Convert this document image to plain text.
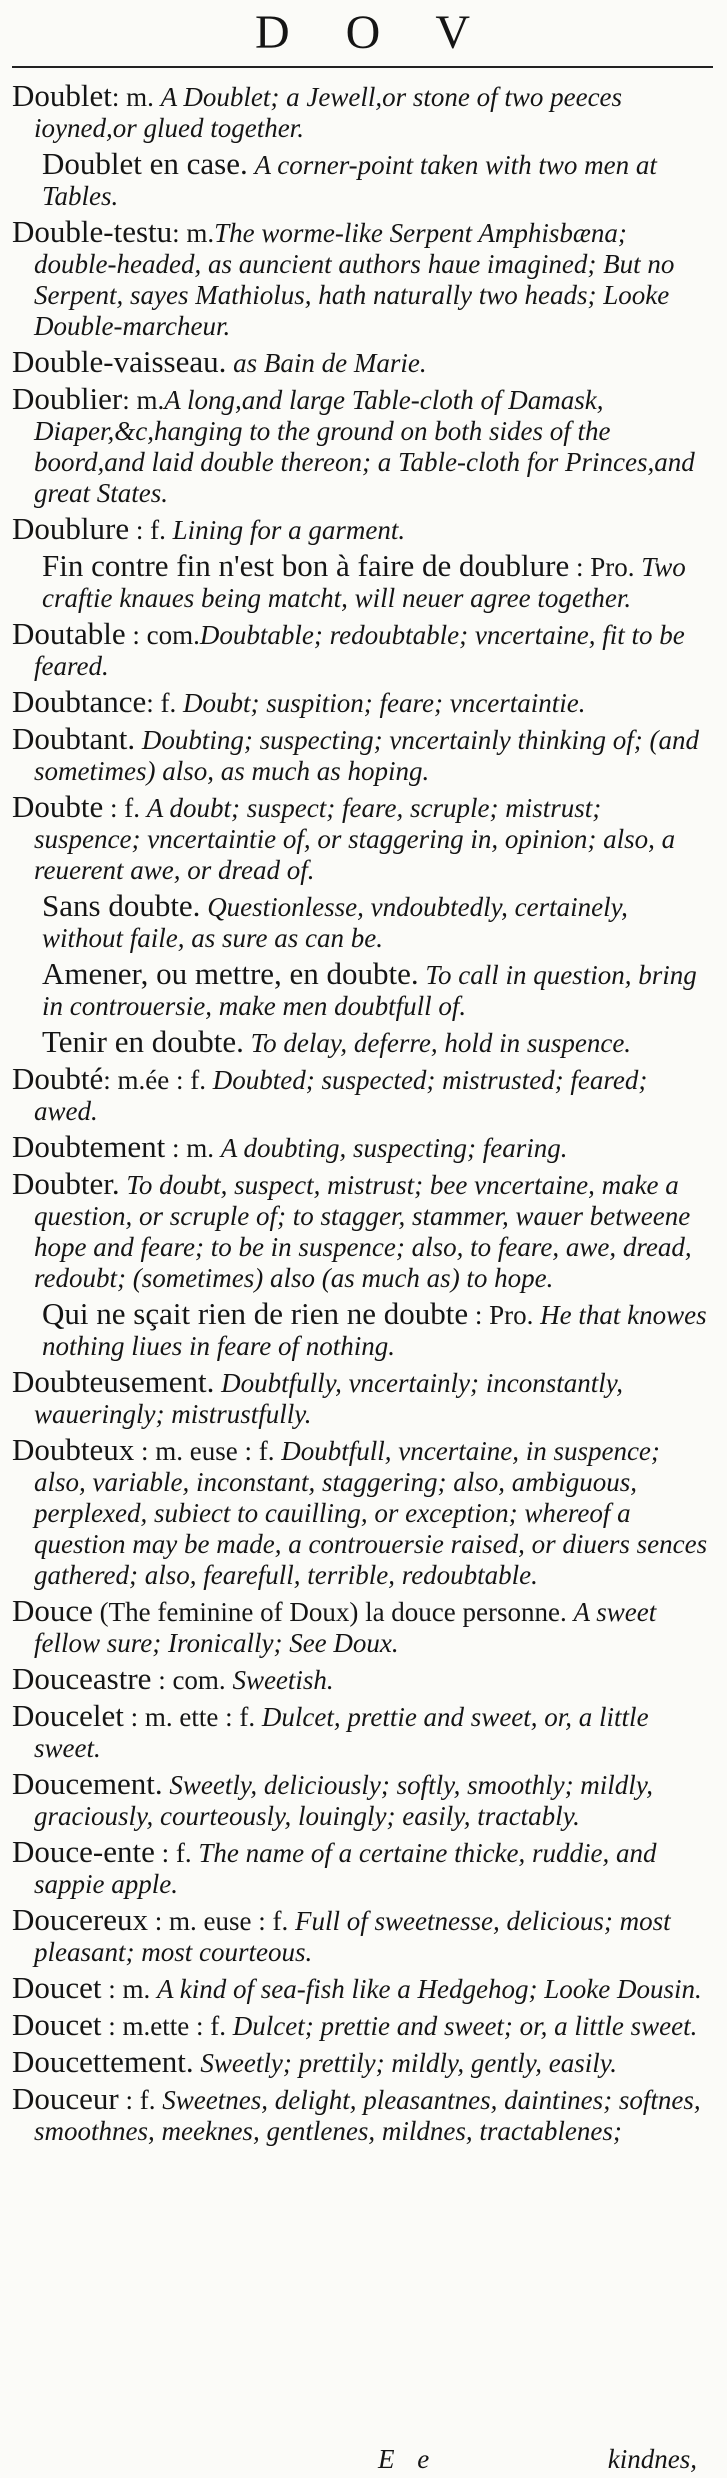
D O V

Doublet: m. A Doublet; a Jewell,or stone of two peeces ioyned,or glued together.

Doublet en case. A corner-point taken with two men at Tables.

Double-testu: m.The worme-like Serpent Amphisbæna; double-headed, as auncient authors haue imagined; But no Serpent, sayes Mathiolus, hath naturally two heads; Looke Double-marcheur.

Double-vaisseau. as Bain de Marie.

Doublier: m.A long,and large Table-cloth of Damask, Diaper,&c,hanging to the ground on both sides of the boord,and laid double thereon; a Table-cloth for Princes,and great States.

Doublure : f. Lining for a garment.

Fin contre fin n'est bon à faire de doublure : Pro. Two craftie knaues being matcht, will neuer agree together.

Doutable : com.Doubtable; redoubtable; vncertaine, fit to be feared.

Doubtance: f. Doubt; suspition; feare; vncertaintie.

Doubtant. Doubting; suspecting; vncertainly thinking of; (and sometimes) also, as much as hoping.

Doubte : f. A doubt; suspect; feare, scruple; mistrust; suspence; vncertaintie of, or staggering in, opinion; also, a reuerent awe, or dread of.

Sans doubte. Questionlesse, vndoubtedly, certainely, without faile, as sure as can be.

Amener, ou mettre, en doubte. To call in question, bring in controuersie, make men doubtfull of.

Tenir en doubte. To delay, deferre, hold in suspence.

Doubté: m.ée : f. Doubted; suspected; mistrusted; feared; awed.

Doubtement : m. A doubting, suspecting; fearing.

Doubter. To doubt, suspect, mistrust; bee vncertaine, make a question, or scruple of; to stagger, stammer, wauer betweene hope and feare; to be in suspence; also, to feare, awe, dread, redoubt; (sometimes) also (as much as) to hope.

Qui ne sçait rien de rien ne doubte : Pro. He that knowes nothing liues in feare of nothing.

Doubteusement. Doubtfully, vncertainly; inconstantly, waueringly; mistrustfully.

Doubteux : m. euse : f. Doubtfull, vncertaine, in suspence; also, variable, inconstant, staggering; also, ambiguous, perplexed, subiect to cauilling, or exception; whereof a question may be made, a controuersie raised, or diuers sences gathered; also, fearefull, terrible, redoubtable.

Douce (The feminine of Doux) la douce personne. A sweet fellow sure; Ironically; See Doux.

Douceastre : com. Sweetish.

Doucelet : m. ette : f. Dulcet, prettie and sweet, or, a little sweet.

Doucement. Sweetly, deliciously; softly, smoothly; mildly, graciously, courteously, louingly; easily, tractably.

Douce-ente : f. The name of a certaine thicke, ruddie, and sappie apple.

Doucereux : m. euse : f. Full of sweetnesse, delicious; most pleasant; most courteous.

Doucet : m. A kind of sea-fish like a Hedgehog; Looke Dousin.

Doucet : m.ette : f. Dulcet; prettie and sweet; or, a little sweet.

Doucettement. Sweetly; prettily; mildly, gently, easily.

Douceur : f. Sweetnes, delight, pleasantnes, daintines; softnes, smoothnes, meeknes, gentlenes, mildnes, tractablenes;

E e	kindnes,
